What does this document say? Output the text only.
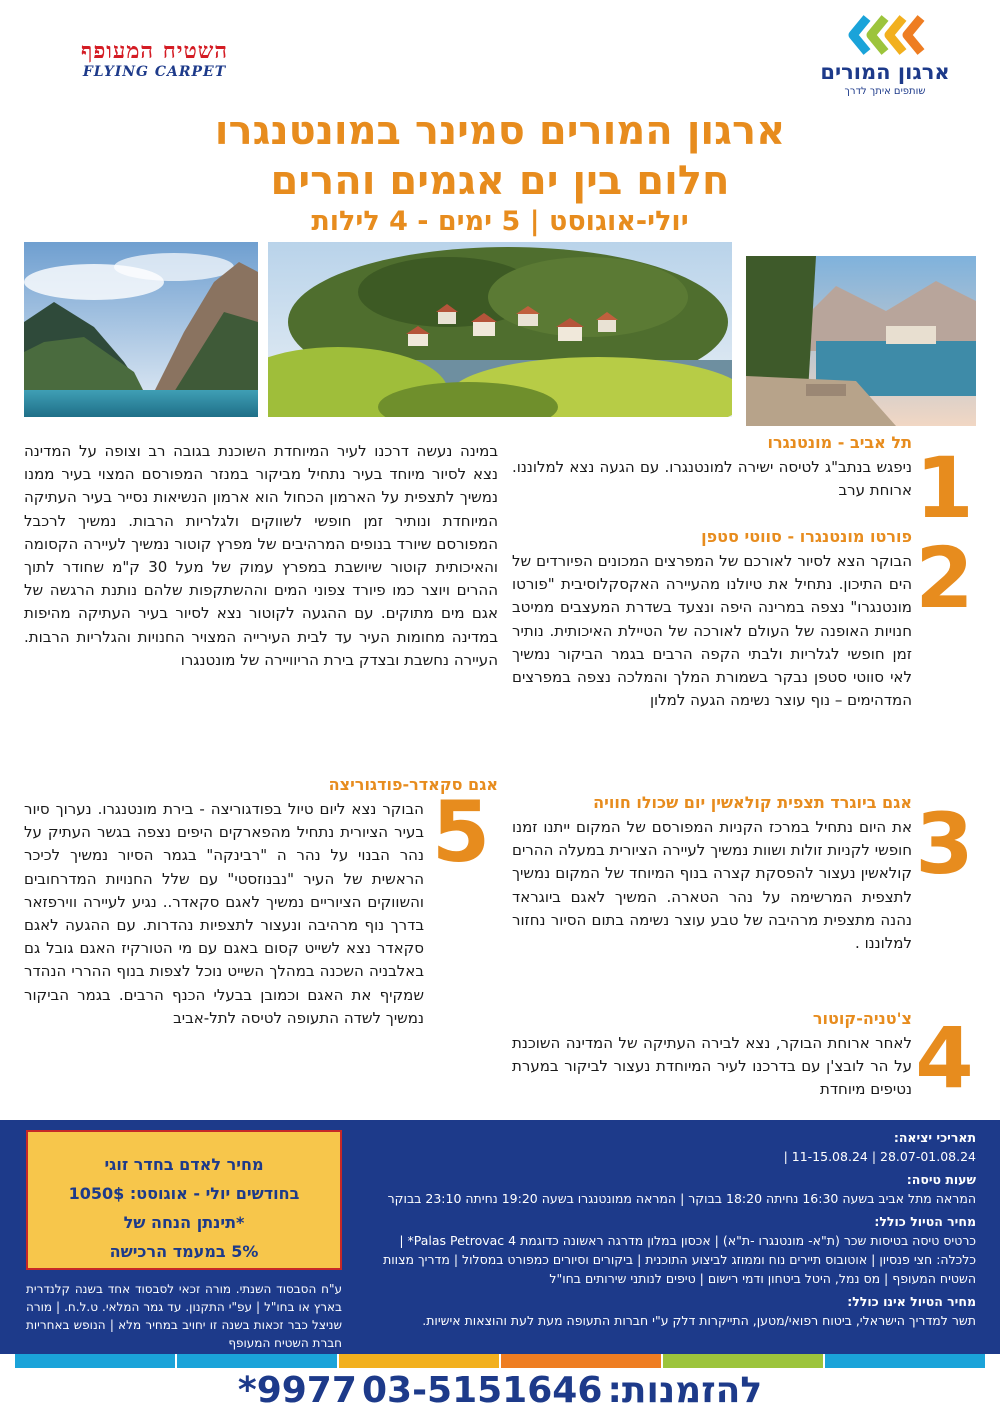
ארגון המורים
שותפים איתך לדרך
השטיח המעופף
FLYING CARPET
ארגון המורים סמינר במונטנגרו
חלום בין ים אגמים והרים
יולי-אוגוסט | 5 ימים - 4 לילות
1
תל אביב - מונטנגרו
ניפגש בנתב"ג לטיסה ישירה למונטנגרו. עם הגעה נצא למלוננו. ארוחת ערב
2
פורטו מונטנגרו - סווטי סטפן
הבוקר הצא לסיור לאורכם של המפרצים המכונים הפיורדים של הים התיכון. נתחיל את טיולנו מהעיירה האקסקלוסיבית "פורטו מונטנגרו" נצפה במרינה היפה ונצעד בשדרת המעצבים ממיטב חנויות האופנה של העולם לאורכה של הטיילת האיכותית. נותיר זמן חופשי לגלריות ולבתי הקפה הרבים בגמר הביקור נמשיך לאי סווטי סטפן נבקר בשמורת המלך והמלכה נצפה במפרצים המדהימים – נוף עוצר נשימה הגעה למלון
3
אגם ביוגרד תצפית קולאשין יום שכולו חוויה
את היום נתחיל במרכז הקניות המפורסם של המקום ייתנו זמנו חופשי לקניות זולות ושוות נמשיך לעיירה הציורית במעלה ההרים קולאשין נעצור להפסקת קצרה בנוף המיוחד של המקום נמשיך לתצפית המרשימה על נהר הטארה. המשיך לאגם ביוגראד נהנה מתצפית מרהיבה של טבע עוצר נשימה בתום הסיור נחזור למלוננו .
4
צ'טניה-קוטור
לאחר ארוחת הבוקר, נצא לבירה העתיקה של המדינה השוכנת על הר לובצ'ן עם בדרכנו לעיר המיוחדת נעצור לביקור במערת נטיפים מיוחדת
במינה נעשה דרכנו לעיר המיוחדת השוכנת בגובה רב וצופה על המדינה נצא לסיור מיוחד בעיר נתחיל מביקור במנזר המפורסם המצוי בעיר ממנו נמשיך לתצפית על הארמון הכחול הוא ארמון הנשיאות נסייר בעיר העתיקה המיוחדת ונותיר זמן חופשי לשווקים ולגלריות הרבות. נמשיך לרכבל המפורסם שיורד בנופים המרהיבים של מפרץ קוטור נמשיך לעיירה הקסומה והאיכותית קוטור שיושבת במפרץ עמוק של מעל 30 ק"מ שחודר לתוך ההרים ויוצר כמו פיורד צפוני המים וההשתקפות שלהם נותנת הרגשה של אגם מים מתוקים. עם ההגעה לקוטור נצא לסיור בעיר העתיקה מהיפות במדינה מחומות העיר עד לבית העירייה המצויר החנויות והגלריות הרבות. העיירה נחשבת ובצדק בירת הריוויירה של מונטנגרו
5
אגם סקאדר-פודגוריצה
הבוקר נצא ליום טיול בפודגוריצה - בירת מונטנגרו. נערוך סיור בעיר הציורית נתחיל מהפארקים היפים נצפה בגשר העתיק על נהר הבנוי על נהר ה "רבינקה" בגמר הסיור נמשיך לכיכר הראשית של העיר "נבנוזסטי" עם שלל החנויות המדרחובים והשווקים הציוריים נמשיך לאגם סקאדר.. נגיע לעיירה ווירפזאר בדרך נוף מרהיבה ונעצור לתצפיות נהדרות. עם ההגעה לאגם סקאדר נצא לשייט קסום באגם עם מי הטורקיז האגם גובל גם באלבניה השכנה במהלך השייט נוכל לצפות בנוף ההררי הנהדר שמקיף את האגם וכמובן בבעלי הכנף הרבים. בגמר הביקור נמשיך לשדה התעופה לטיסה לתל-אביב
מחיר לאדם בחדר זוגי
בחודשים יולי - אוגוסט: 1050$
*תינתן הנחה של
5% במעמד הרכישה
ע"ח הסבסוד השנתי. מורה זכאי לסבסוד אחד בשנה קלנדרית בארץ או בחו"ל | עפ"י התקנון. עד גמר המלאי. ט.ל.ח. | מורה שניצל כבר זכאות בשנה זו יחויב במחיר מלא | הנופש באחריות חברת השטיח המעופף
תאריכי יציאה:
28.07-01.08.24 | 11-15.08.24 |
שעות טיסה:
המראה מתל אביב בשעה 16:30 נחיתה 18:20 בבוקר | המראה ממונטנגרו בשעה 19:20 נחיתה 23:10 בבוקר
מחיר הטיול כולל:
כרטיס טיסה בטיסות שכר (ת"א- מונטנגרו -ת"א) | אכסון במלון מדרגה ראשונה כדוגמת Palas Petrovac 4* | כלכלה: חצי פנסיון | אוטובוס תיירים נוח וממוזג לביצוע התוכנית | ביקורים וסיורים כמפורט במסלול | מדריך מצוות השטיח המעופף | מס נמל, היטל ביטחון ודמי רישום | טיפים לנותני שירותים בחו"ל
מחיר הטיול אינו כולל:
תשר למדריך הישראלי, ביטוח רפואי/מטען, התייקרות דלק ע"י חברות התעופה מעת לעת והוצאות אישיות.
להזמנות: 03-5151646 9977*
